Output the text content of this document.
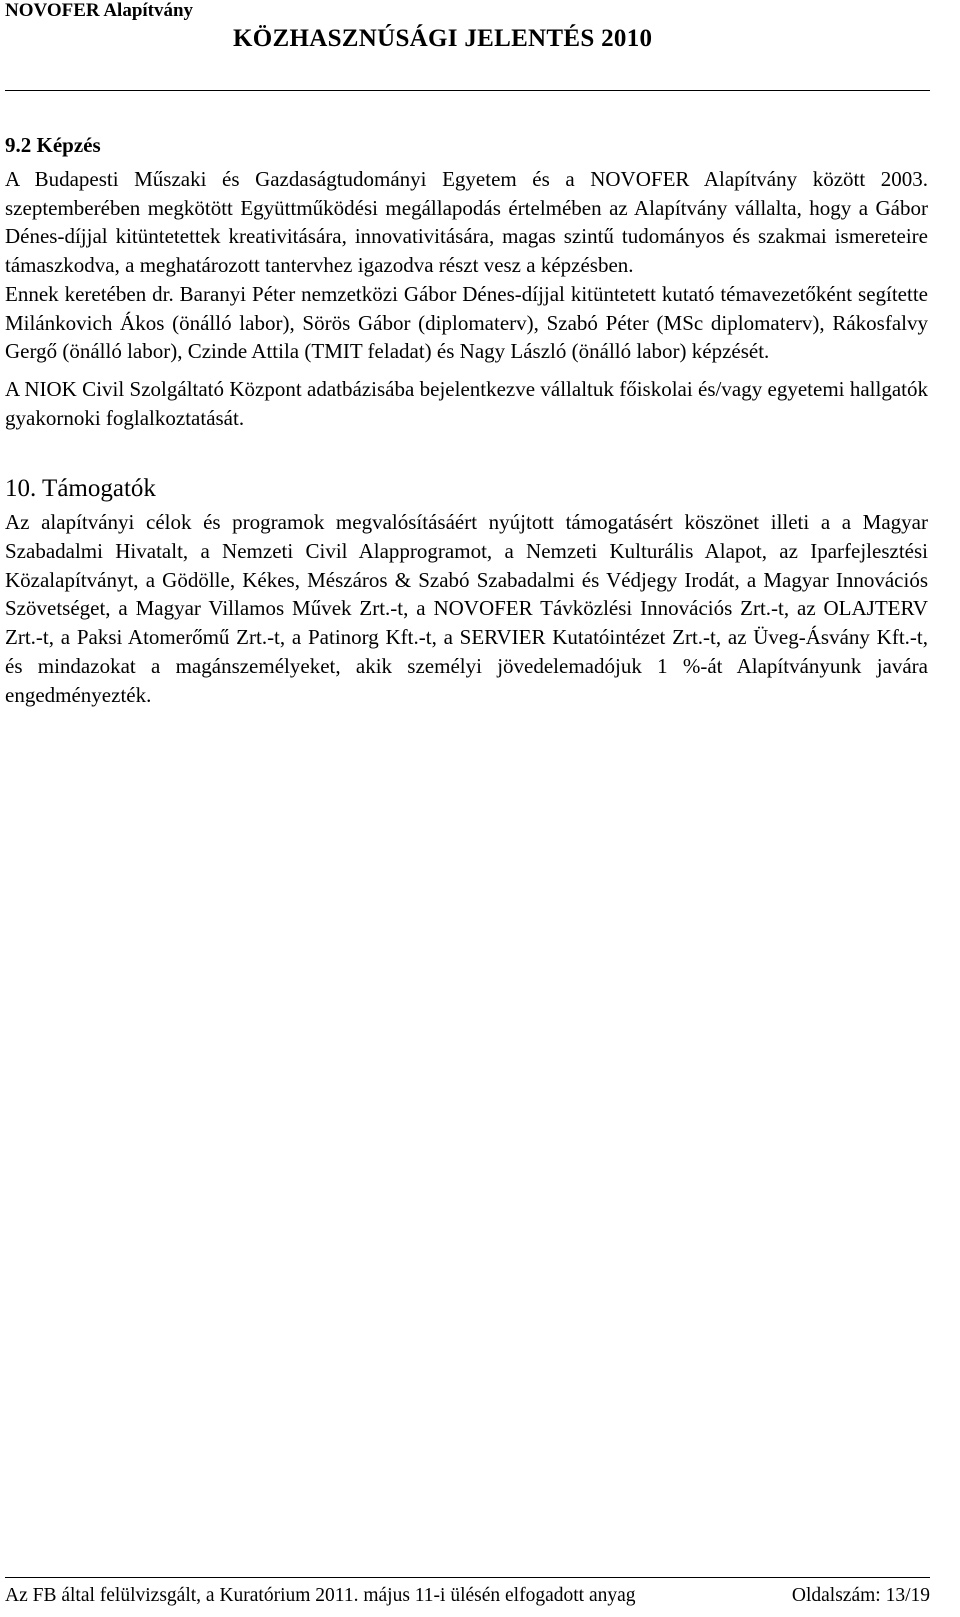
NOVOFER Alapítvány
KÖZHASZNÚSÁGI JELENTÉS 2010
9.2 Képzés

A Budapesti Műszaki és Gazdaságtudományi Egyetem és a NOVOFER Alapítvány között 2003. szeptemberében megkötött Együttműködési megállapodás értelmében az Alapítvány vállalta, hogy a Gábor Dénes-díjjal kitüntetettek kreativitására, innovativitására, magas szintű tudományos és szakmai ismereteire támaszkodva, a meghatározott tantervhez igazodva részt vesz a képzésben.

Ennek keretében dr. Baranyi Péter nemzetközi Gábor Dénes-díjjal kitüntetett kutató témavezetőként segítette Milánkovich Ákos (önálló labor), Sörös Gábor (diplomaterv), Szabó Péter (MSc diplomaterv), Rákosfalvy Gergő (önálló labor), Czinde Attila (TMIT feladat) és Nagy László (önálló labor) képzését.

A NIOK Civil Szolgáltató Központ adatbázisába bejelentkezve vállaltuk főiskolai és/vagy egyetemi hallgatók gyakornoki foglalkoztatását.

10. Támogatók

Az alapítványi célok és programok megvalósításáért nyújtott támogatásért köszönet illeti a a Magyar Szabadalmi Hivatalt, a Nemzeti Civil Alapprogramot, a Nemzeti Kulturális Alapot, az Iparfejlesztési Közalapítványt, a Gödölle, Kékes, Mészáros & Szabó Szabadalmi és Védjegy Irodát, a Magyar Innovációs Szövetséget, a Magyar Villamos Művek Zrt.-t, a NOVOFER Távközlési Innovációs Zrt.-t, az OLAJTERV Zrt.-t, a Paksi Atomerőmű Zrt.-t, a Patinorg Kft.-t, a SERVIER Kutatóintézet Zrt.-t, az Üveg-Ásvány Kft.-t, és mindazokat a magánszemélyeket, akik személyi jövedelemadójuk 1 %-át Alapítványunk javára engedményezték.

Az FB által felülvizsgált, a Kuratórium 2011. május 11-i ülésén elfogadott anyag	Oldalszám: 13/19
